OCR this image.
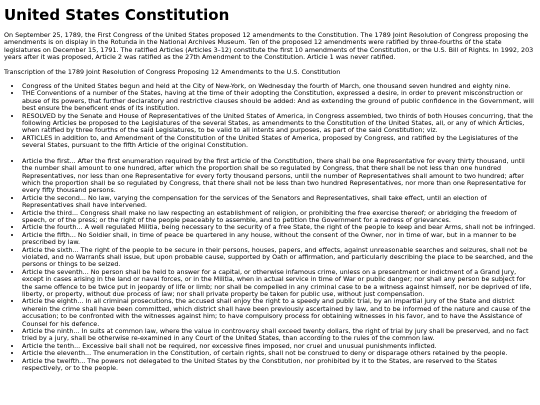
United States Constitution

On September 25, 1789, the First Congress of the United States proposed 12 amendments to the Constitution. The 1789 Joint Resolution of Congress proposing the amendments is on display in the Rotunda in the National Archives Museum. Ten of the proposed 12 amendments were ratified by three-fourths of the state legislatures on December 15, 1791. The ratified Articles (Articles 3–12) constitute the first 10 amendments of the Constitution, or the U.S. Bill of Rights. In 1992, 203 years after it was proposed, Article 2 was ratified as the 27th Amendment to the Constitution. Article 1 was never ratified.

Transcription of the 1789 Joint Resolution of Congress Proposing 12 Amendments to the U.S. Constitution

• Congress of the United States begun and held at the City of New-York, on Wednesday the fourth of March, one thousand seven hundred and eighty nine.
• THE Conventions of a number of the States, having at the time of their adopting the Constitution, expressed a desire, in order to prevent misconstruction or abuse of its powers, that further declaratory and restrictive clauses should be added: And as extending the ground of public confidence in the Government, will best ensure the beneficent ends of its institution.
• RESOLVED by the Senate and House of Representatives of the United States of America, in Congress assembled, two thirds of both Houses concurring, that the following Articles be proposed to the Legislatures of the several States, as amendments to the Constitution of the United States, all, or any of which Articles, when ratified by three fourths of the said Legislatures, to be valid to all intents and purposes, as part of the said Constitution; viz.
• ARTICLES in addition to, and Amendment of the Constitution of the United States of America, proposed by Congress, and ratified by the Legislatures of the several States, pursuant to the fifth Article of the original Constitution.
• Article the first... After the first enumeration required by the first article of the Constitution, there shall be one Representative for every thirty thousand, until the number shall amount to one hundred, after which the proportion shall be so regulated by Congress, that there shall be not less than one hundred Representatives, nor less than one Representative for every forty thousand persons, until the number of Representatives shall amount to two hundred; after which the proportion shall be so regulated by Congress, that there shall not be less than two hundred Representatives, nor more than one Representative for every fifty thousand persons.
• Article the second... No law, varying the compensation for the services of the Senators and Representatives, shall take effect, until an election of Representatives shall have intervened.
• Article the third... Congress shall make no law respecting an establishment of religion, or prohibiting the free exercise thereof; or abridging the freedom of speech, or of the press; or the right of the people peaceably to assemble, and to petition the Government for a redress of grievances.
• Article the fourth... A well regulated Militia, being necessary to the security of a free State, the right of the people to keep and bear Arms, shall not be infringed.
• Article the fifth... No Soldier shall, in time of peace be quartered in any house, without the consent of the Owner, nor in time of war, but in a manner to be prescribed by law.
• Article the sixth... The right of the people to be secure in their persons, houses, papers, and effects, against unreasonable searches and seizures, shall not be violated, and no Warrants shall issue, but upon probable cause, supported by Oath or affirmation, and particularly describing the place to be searched, and the persons or things to be seized.
• Article the seventh... No person shall be held to answer for a capital, or otherwise infamous crime, unless on a presentment or indictment of a Grand Jury, except in cases arising in the land or naval forces, or in the Militia, when in actual service in time of War or public danger; nor shall any person be subject for the same offence to be twice put in jeopardy of life or limb; nor shall be compelled in any criminal case to be a witness against himself, nor be deprived of life, liberty, or property, without due process of law; nor shall private property be taken for public use, without just compensation.
• Article the eighth... In all criminal prosecutions, the accused shall enjoy the right to a speedy and public trial, by an impartial jury of the State and district wherein the crime shall have been committed, which district shall have been previously ascertained by law, and to be informed of the nature and cause of the accusation; to be confronted with the witnesses against him; to have compulsory process for obtaining witnesses in his favor, and to have the Assistance of Counsel for his defence.
• Article the ninth... In suits at common law, where the value in controversy shall exceed twenty dollars, the right of trial by jury shall be preserved, and no fact tried by a jury, shall be otherwise re-examined in any Court of the United States, than according to the rules of the common law.
• Article the tenth... Excessive bail shall not be required, nor excessive fines imposed, nor cruel and unusual punishments inflicted.
• Article the eleventh... The enumeration in the Constitution, of certain rights, shall not be construed to deny or disparage others retained by the people.
• Article the twelfth... The powers not delegated to the United States by the Constitution, nor prohibited by it to the States, are reserved to the States respectively, or to the people.
